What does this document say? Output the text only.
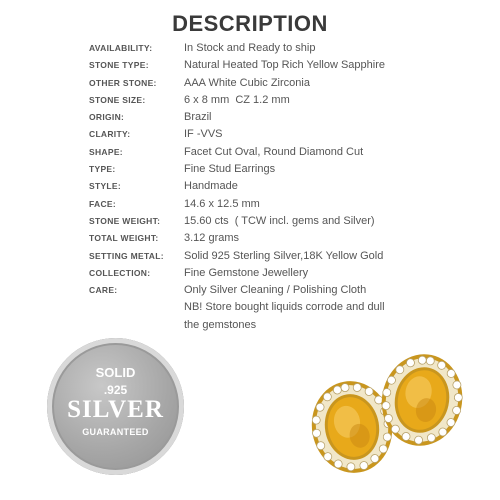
DESCRIPTION
AVAILABILITY:	In Stock and Ready to ship
STONE TYPE:	Natural Heated Top Rich Yellow Sapphire
OTHER STONE:	AAA White Cubic Zirconia
STONE SIZE:	6 x 8 mm  CZ 1.2 mm
ORIGIN:	Brazil
CLARITY:	IF -VVS
SHAPE:	Facet Cut Oval, Round Diamond Cut
TYPE:	Fine Stud Earrings
STYLE:	Handmade
FACE:	14.6 x 12.5 mm
STONE WEIGHT:	15.60 cts  ( TCW incl. gems and Silver)
TOTAL WEIGHT:	3.12 grams
SETTING METAL:	Solid 925 Sterling Silver,18K Yellow Gold
COLLECTION:	Fine Gemstone Jewellery
CARE:	Only Silver Cleaning / Polishing Cloth
NB! Store bought liquids corrode and dull
the gemstones
SOLID
.925
SILVER
GUARANTEED
